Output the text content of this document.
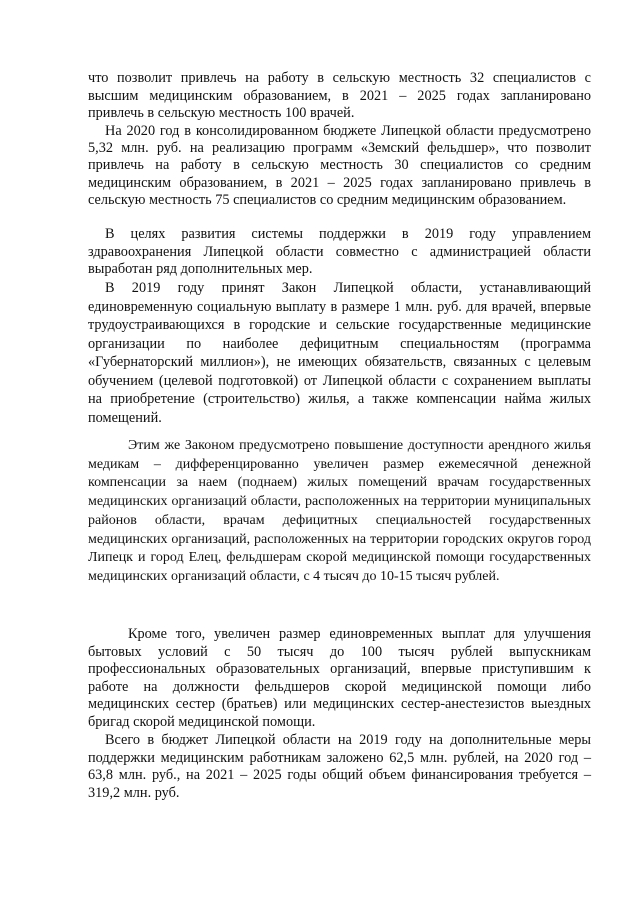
что позволит привлечь на работу в сельскую местность 32 специалистов с высшим медицинским образованием, в 2021 – 2025 годах запланировано привлечь в сельскую местность 100 врачей.

На 2020 год в консолидированном бюджете Липецкой области предусмотрено 5,32 млн. руб. на реализацию программ «Земский фельдшер», что позволит привлечь на работу в сельскую местность 30 специалистов со средним медицинским образованием, в 2021 – 2025 годах запланировано привлечь в сельскую местность 75 специалистов со средним медицинским образованием.

В целях развития системы поддержки в 2019 году управлением здравоохранения Липецкой области совместно с администрацией области выработан ряд дополнительных мер.

В 2019 году принят Закон Липецкой области, устанавливающий единовременную социальную выплату в размере 1 млн. руб. для врачей, впервые трудоустраивающихся в городские и сельские государственные медицинские организации по наиболее дефицитным специальностям (программа «Губернаторский миллион»), не имеющих обязательств, связанных с целевым обучением (целевой подготовкой) от Липецкой области с сохранением выплаты на приобретение (строительство) жилья, а также компенсации найма жилых помещений.

Этим же Законом предусмотрено повышение доступности арендного жилья медикам – дифференцированно увеличен размер ежемесячной денежной компенсации за наем (поднаем) жилых помещений врачам государственных медицинских организаций области, расположенных на территории муниципальных районов области, врачам дефицитных специальностей государственных медицинских организаций, расположенных на территории городских округов город Липецк и город Елец, фельдшерам скорой медицинской помощи государственных медицинских организаций области, с 4 тысяч до 10-15 тысяч рублей.

Кроме того, увеличен размер единовременных выплат для улучшения бытовых условий с 50 тысяч до 100 тысяч рублей выпускникам профессиональных образовательных организаций, впервые приступившим к работе на должности фельдшеров скорой медицинской помощи либо медицинских сестер (братьев) или медицинских сестер-анестезистов выездных бригад скорой медицинской помощи.

Всего в бюджет Липецкой области на 2019 году на дополнительные меры поддержки медицинским работникам заложено 62,5 млн. рублей, на 2020 год – 63,8 млн. руб., на 2021 – 2025 годы общий объем финансирования требуется – 319,2 млн. руб.
